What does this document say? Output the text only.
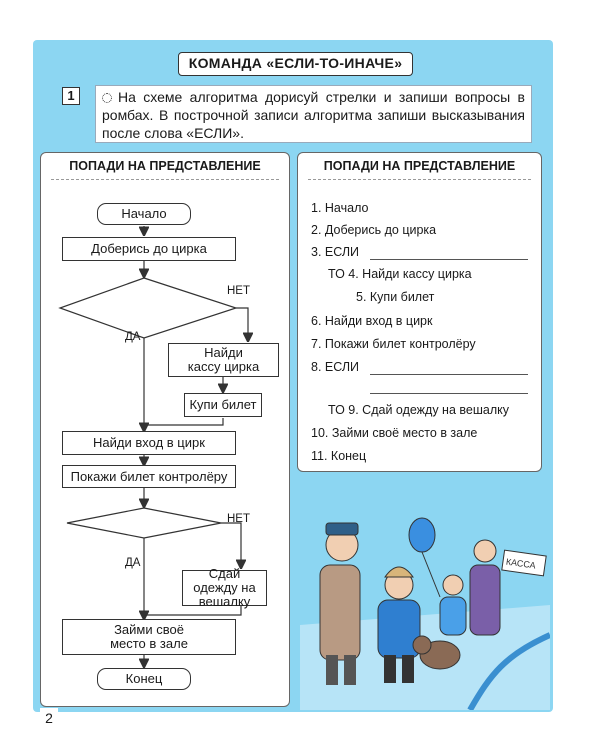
КОМАНДА «ЕСЛИ-ТО-ИНАЧЕ»
1	На схеме алгоритма дорисуй стрелки и запиши вопросы в ромбах. В построчной записи алгоритма запиши высказывания после слова «ЕСЛИ».
ПОПАДИ НА ПРЕДСТАВЛЕНИЕ
Начало
Доберись до цирка
НЕТ
ДА
Найди кассу цирка
Купи билет
Найди вход в цирк
Покажи билет контролёру
НЕТ
ДА
Сдай одежду на вешалку
Займи своё место в зале
Конец
ПОПАДИ НА ПРЕДСТАВЛЕНИЕ
1. Начало
2. Доберись до цирка
3. ЕСЛИ
ТО 4. Найди кассу цирка
5. Купи билет
6. Найди вход в цирк
7. Покажи билет контролёру
8. ЕСЛИ
ТО 9. Сдай одежду на вешалку
10. Займи своё место в зале
11. Конец
КАССА
2
